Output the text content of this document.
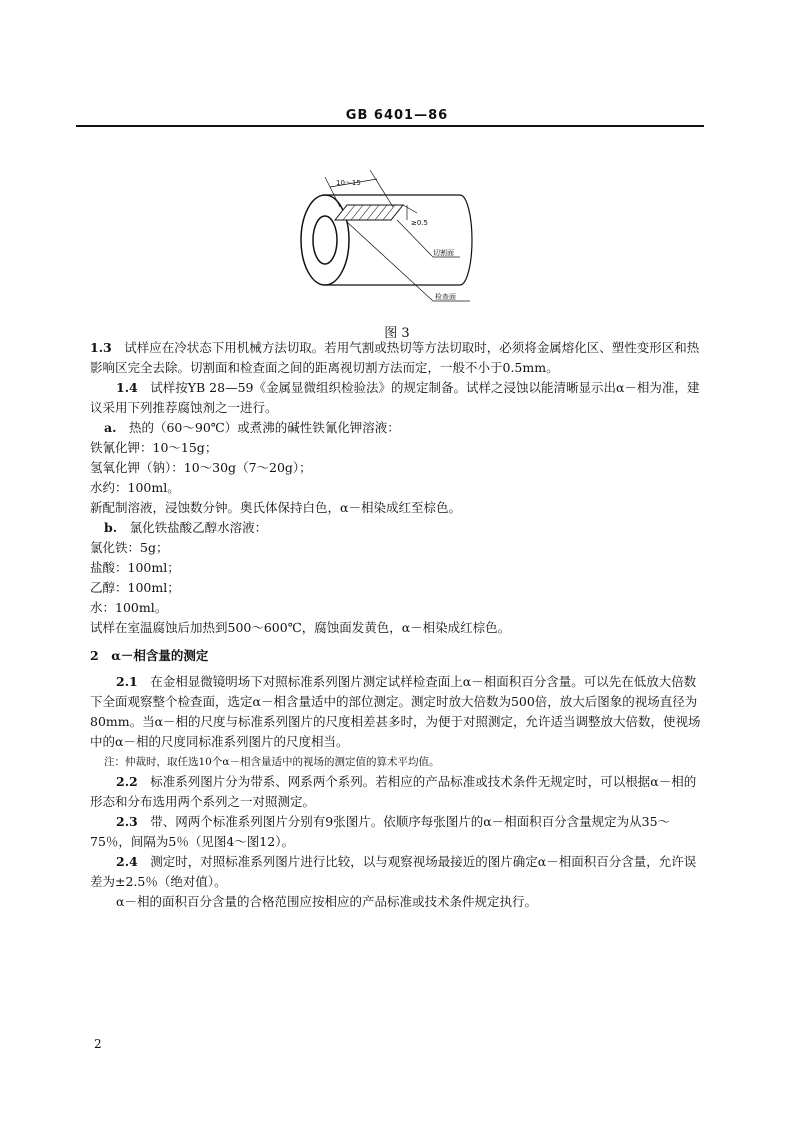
GB 6401—86
10～15
≥0.5
切割面
检查面
图 3

1.3　 试样应在冷状态下用机械方法切取。若用气割或热切等方法切取时，必须将金属熔化区、塑性变形区和热影响区完全去除。切割面和检查面之间的距离视切割方法而定，一般不小于0.5mm。

1.4　 试样按YB 28—59《金属显微组织检验法》的规定制备。试样之浸蚀以能清晰显示出α－相为准，建议采用下列推荐腐蚀剂之一进行。

a.　 热的（60～90℃）或煮沸的碱性铁氰化钾溶液：

铁氰化钾：10～15g；

氢氧化钾（钠）：10～30g（7～20g）；

水约：100ml。

新配制溶液，浸蚀数分钟。奥氏体保持白色，α－相染成红至棕色。

b.　 氯化铁盐酸乙醇水溶液：

氯化铁：5g；

盐酸：100ml；

乙醇：100ml；

水：100ml。

试样在室温腐蚀后加热到500～600℃，腐蚀面发黄色，α－相染成红棕色。

2　α－相含量的测定

2.1　 在金相显微镜明场下对照标准系列图片测定试样检查面上α－相面积百分含量。可以先在低放大倍数下全面观察整个检查面，选定α－相含量适中的部位测定。测定时放大倍数为500倍，放大后图象的视场直径为80mm。当α－相的尺度与标准系列图片的尺度相差甚多时，为便于对照测定，允许适当调整放大倍数，使视场中的α－相的尺度同标准系列图片的尺度相当。

注：仲裁时，取任选10个α－相含量适中的视场的测定值的算术平均值。

2.2　 标准系列图片分为带系、网系两个系列。若相应的产品标准或技术条件无规定时，可以根据α－相的形态和分布选用两个系列之一对照测定。

2.3　 带、网两个标准系列图片分别有9张图片。依顺序每张图片的α－相面积百分含量规定为从35～75％，间隔为5％（见图4～图12）。

2.4　 测定时，对照标准系列图片进行比较，以与观察视场最接近的图片确定α－相面积百分含量，允许误差为±2.5％（绝对值）。

α－相的面积百分含量的合格范围应按相应的产品标准或技术条件规定执行。

2
